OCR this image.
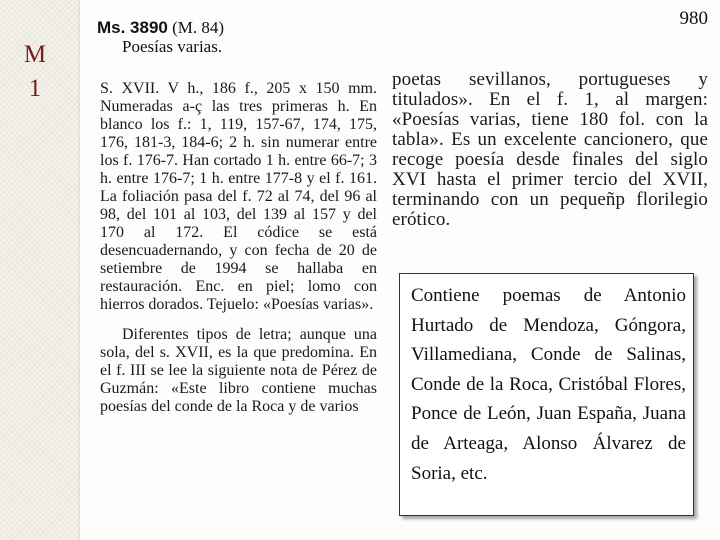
M 1
980
Ms. 3890 (M. 84)
Poesías varias.

S. XVII. V h., 186 f., 205 x 150 mm. Numeradas a-ç las tres primeras h. En blanco los f.: 1, 119, 157-67, 174, 175, 176, 181-3, 184-6; 2 h. sin numerar entre los f. 176-7. Han cortado 1 h. entre 66-7; 3 h. entre 176-7; 1 h. entre 177-8 y el f. 161. La foliación pasa del f. 72 al 74, del 96 al 98, del 101 al 103, del 139 al 157 y del 170 al 172. El códice se está desencuadernando, y con fecha de 20 de setiembre de 1994 se hallaba en restauración. Enc. en piel; lomo con hierros dorados. Tejuelo: «Poesías varias».

Diferentes tipos de letra; aunque una sola, del s. XVII, es la que predomina. En el f. III se lee la siguiente nota de Pérez de Guzmán: «Este libro contiene muchas poesías del conde de la Roca y de varios

poetas sevillanos, portugueses y titulados». En el f. 1, al margen: «Poesías varias, tiene 180 fol. con la tabla». Es un excelente cancionero, que recoge poesía desde finales del siglo XVI hasta el primer tercio del XVII, terminando con un pequeñp florilegio erótico.

Contiene poemas de Antonio Hurtado de Mendoza, Góngora, Villamediana, Conde de Salinas, Conde de la Roca, Cristóbal Flores, Ponce de León, Juan España, Juana de Arteaga, Alonso Álvarez de Soria, etc.
